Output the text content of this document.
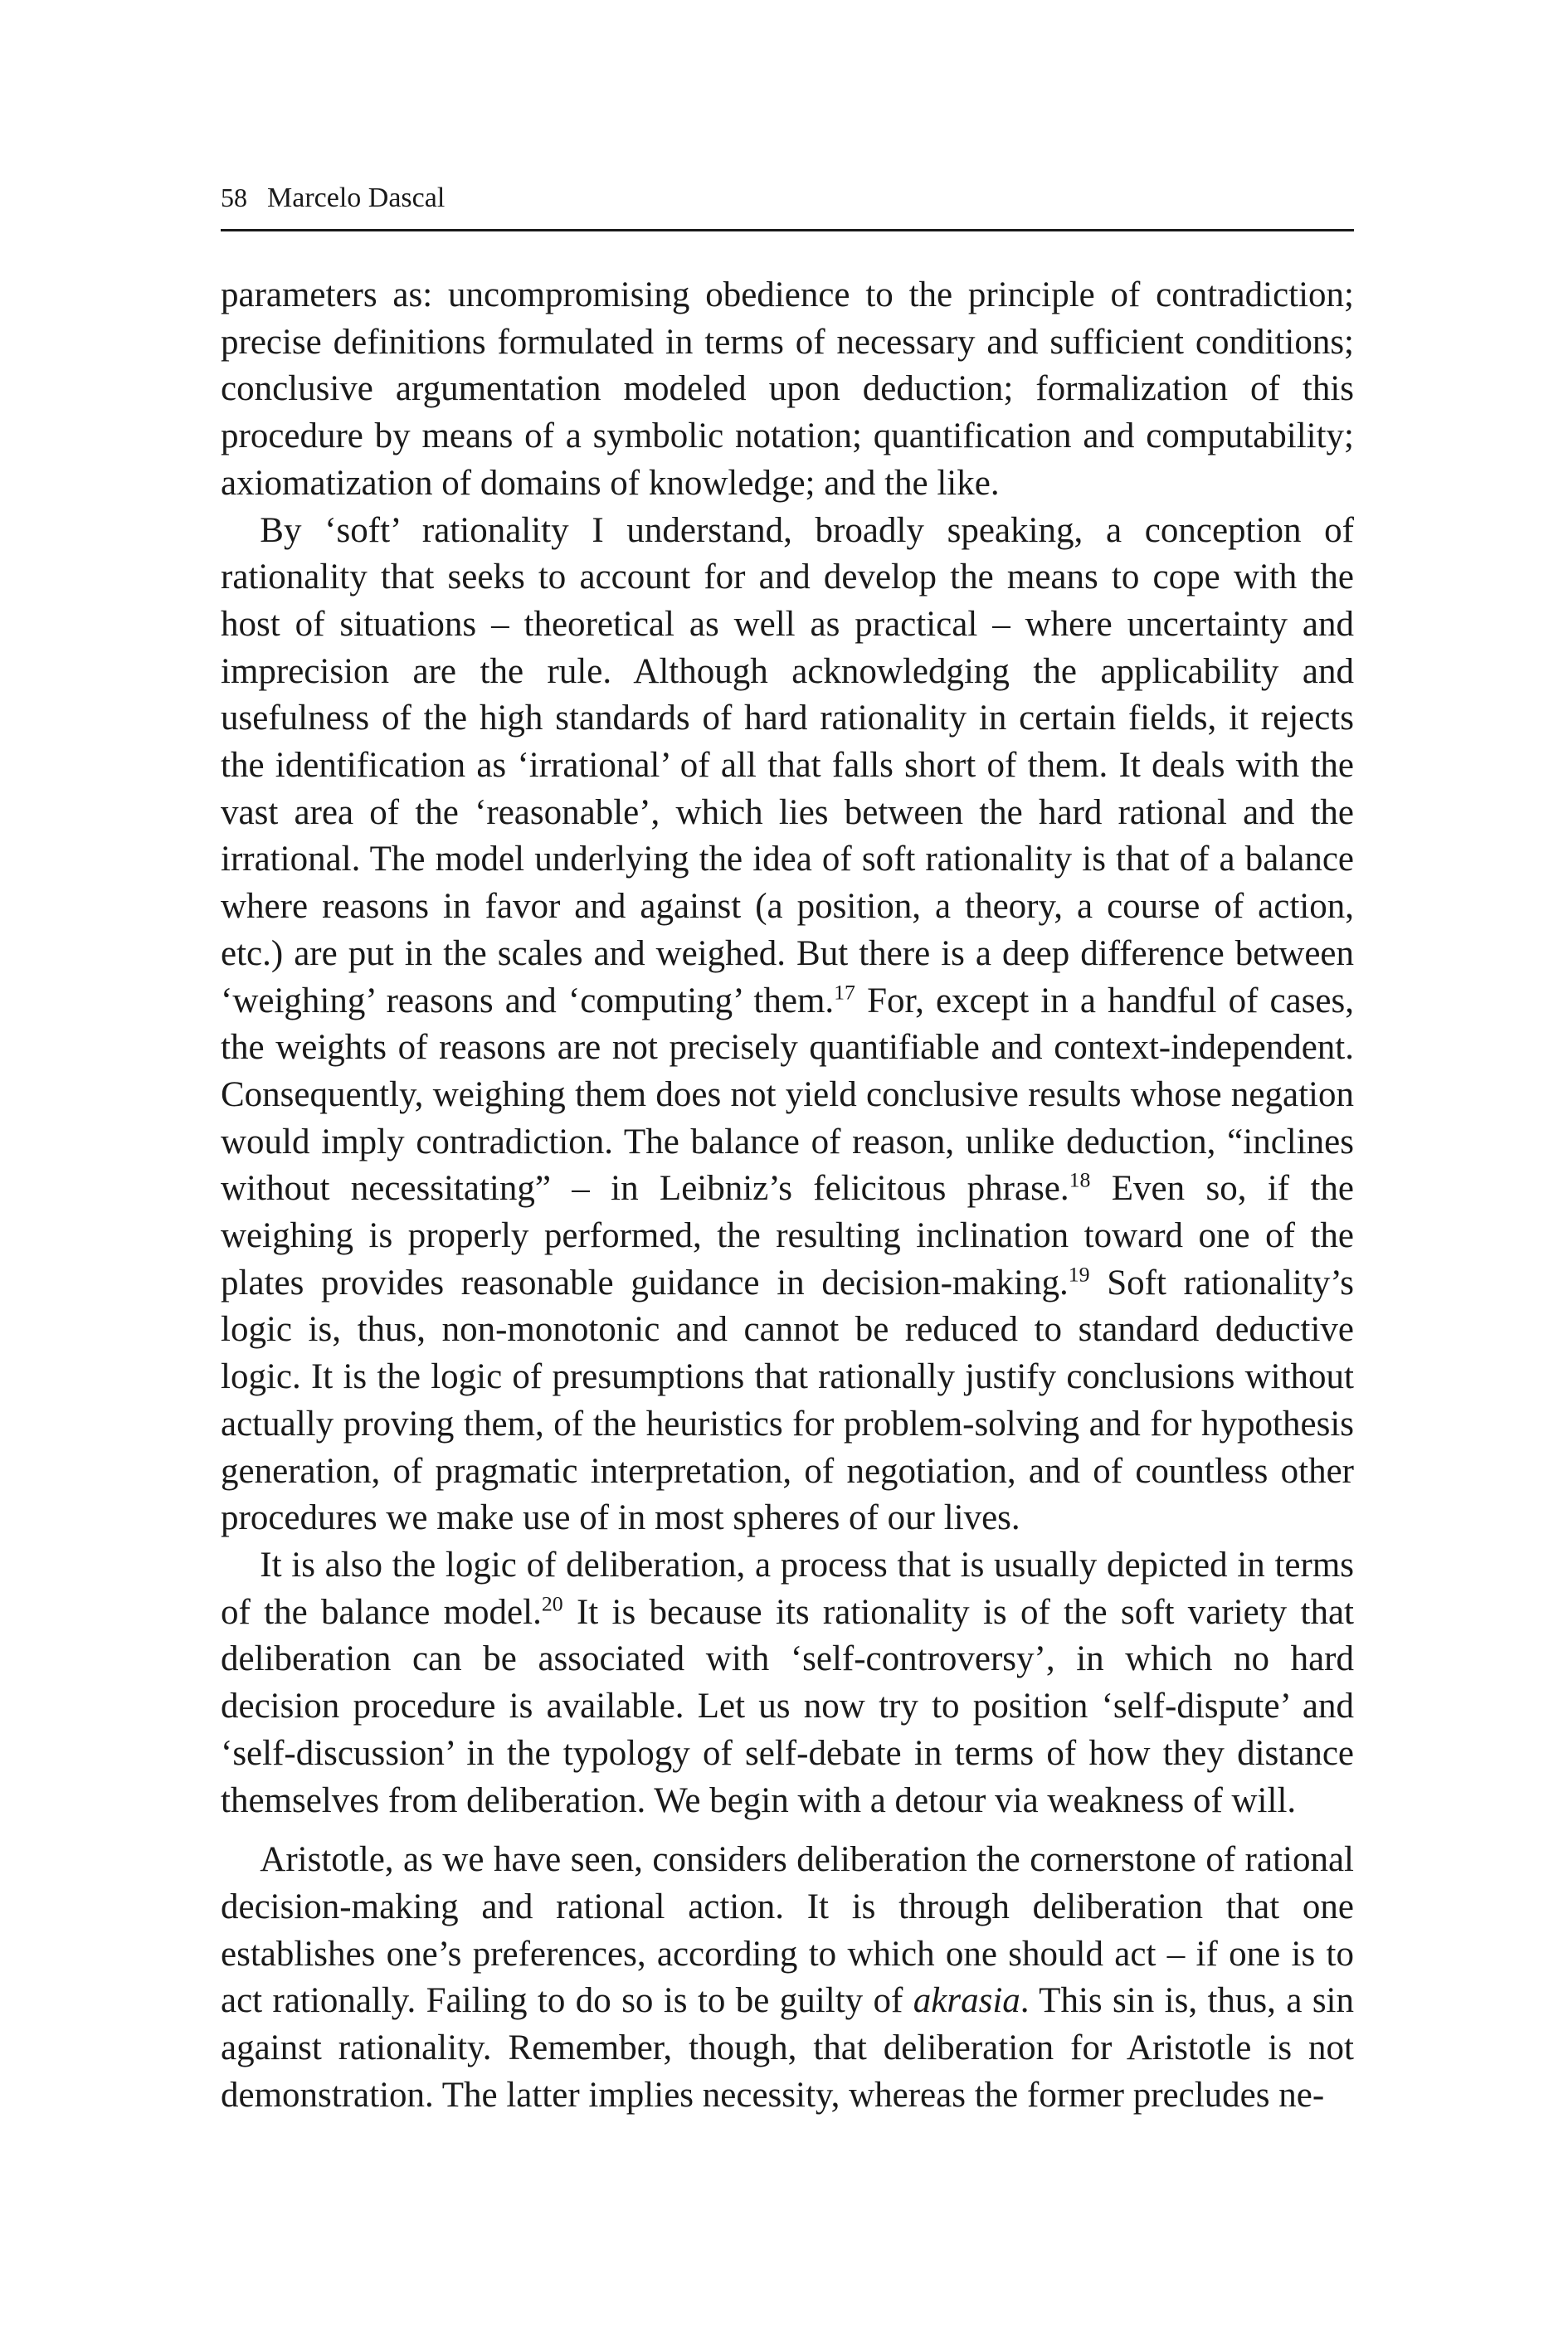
58 Marcelo Dascal

parameters as: uncompromising obedience to the principle of contradiction; precise definitions formulated in terms of necessary and sufficient conditions; conclusive argumentation modeled upon deduction; formalization of this procedure by means of a symbolic notation; quantification and computability; axiomatization of domains of knowledge; and the like.

By ‘soft’ rationality I understand, broadly speaking, a conception of rationality that seeks to account for and develop the means to cope with the host of situations – theoretical as well as practical – where uncertainty and imprecision are the rule. Although acknowledging the applicability and usefulness of the high standards of hard rationality in certain fields, it rejects the identification as ‘irrational’ of all that falls short of them. It deals with the vast area of the ‘reasonable’, which lies between the hard rational and the irrational. The model underlying the idea of soft rationality is that of a balance where reasons in favor and against (a position, a theory, a course of action, etc.) are put in the scales and weighed. But there is a deep difference between ‘weighing’ reasons and ‘computing’ them.$^{17}$ For, except in a handful of cases, the weights of reasons are not precisely quantifiable and context-independent. Consequently, weighing them does not yield conclusive results whose negation would imply contradiction. The balance of reason, unlike deduction, “inclines without necessitating” – in Leibniz’s felicitous phrase.$^{18}$ Even so, if the weighing is properly performed, the resulting inclination toward one of the plates provides reasonable guidance in decision-making.$^{19}$ Soft rationality’s logic is, thus, non-monotonic and cannot be reduced to standard deductive logic. It is the logic of presumptions that rationally justify conclusions without actually proving them, of the heuristics for problem-solving and for hypothesis generation, of pragmatic interpretation, of negotiation, and of countless other procedures we make use of in most spheres of our lives.

It is also the logic of deliberation, a process that is usually depicted in terms of the balance model.$^{20}$ It is because its rationality is of the soft variety that deliberation can be associated with ‘self-controversy’, in which no hard decision procedure is available. Let us now try to position ‘self-dispute’ and ‘self-discussion’ in the typology of self-debate in terms of how they distance themselves from deliberation. We begin with a detour via weakness of will.

Aristotle, as we have seen, considers deliberation the cornerstone of rational decision-making and rational action. It is through deliberation that one establishes one’s preferences, according to which one should act – if one is to act rationally. Failing to do so is to be guilty of akrasia. This sin is, thus, a sin against rationality. Remember, though, that deliberation for Aristotle is not demonstration. The latter implies necessity, whereas the former precludes ne-
